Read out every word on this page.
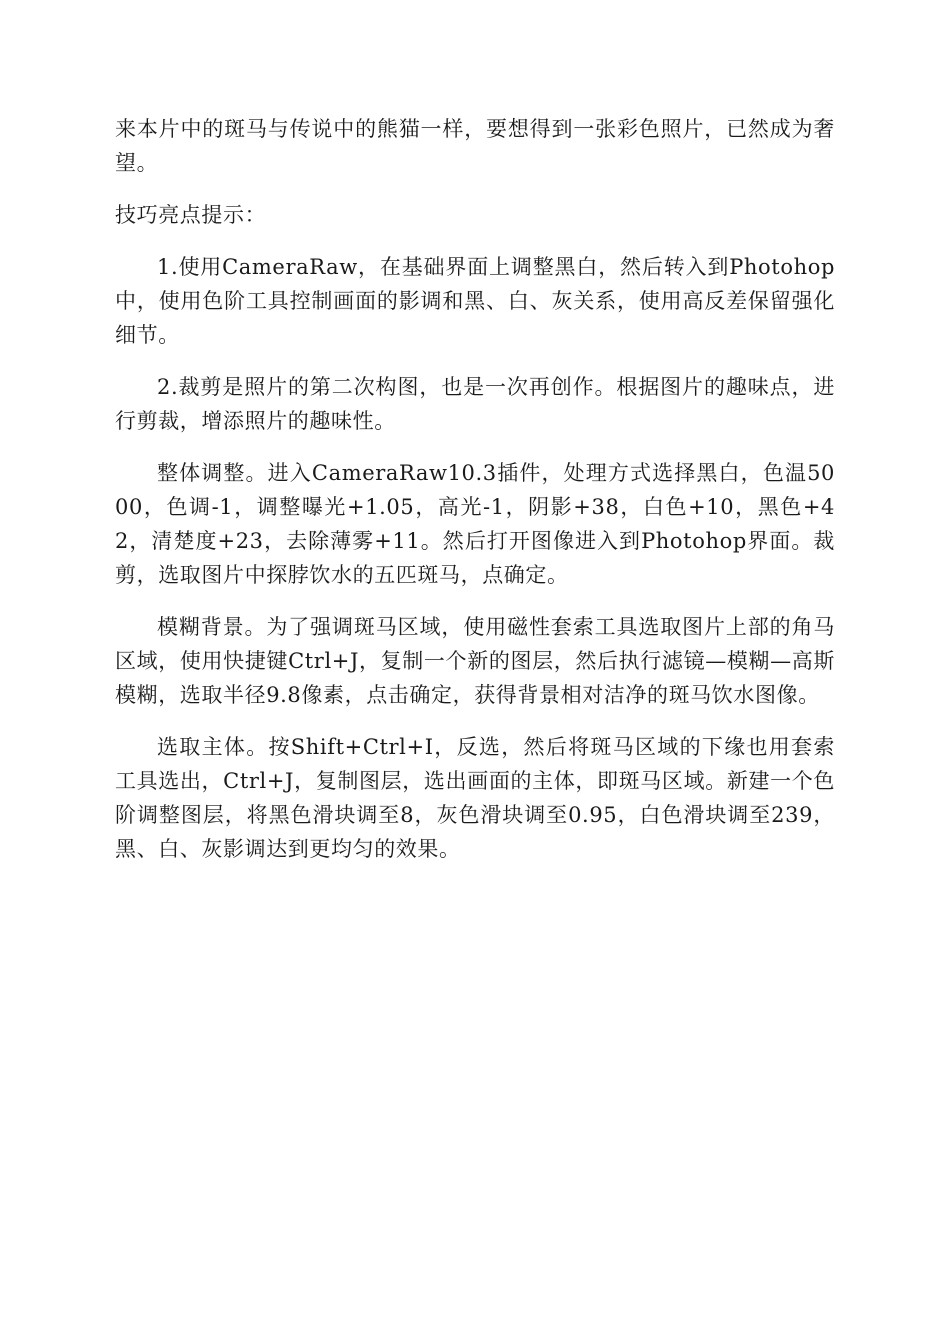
来本片中的斑马与传说中的熊猫一样，要想得到一张彩色照片，已然成为奢望。

技巧亮点提示：

1.使用CameraRaw，在基础界面上调整黑白，然后转入到Photohop中，使用色阶工具控制画面的影调和黑、白、灰关系，使用高反差保留强化细节。

2.裁剪是照片的第二次构图，也是一次再创作。根据图片的趣味点，进行剪裁，增添照片的趣味性。

整体调整。进入CameraRaw10.3插件，处理方式选择黑白，色温5000，色调-1，调整曝光+1.05，高光-1，阴影+38，白色+10，黑色+42，清楚度+23，去除薄雾+11。然后打开图像进入到Photohop界面。裁剪，选取图片中探脖饮水的五匹斑马，点确定。

模糊背景。为了强调斑马区域，使用磁性套索工具选取图片上部的角马区域，使用快捷键Ctrl+J，复制一个新的图层，然后执行滤镜—模糊—高斯模糊，选取半径9.8像素，点击确定，获得背景相对洁净的斑马饮水图像。

选取主体。按Shift+Ctrl+I，反选，然后将斑马区域的下缘也用套索工具选出，Ctrl+J，复制图层，选出画面的主体，即斑马区域。新建一个色阶调整图层，将黑色滑块调至8，灰色滑块调至0.95，白色滑块调至239，黑、白、灰影调达到更均匀的效果。
